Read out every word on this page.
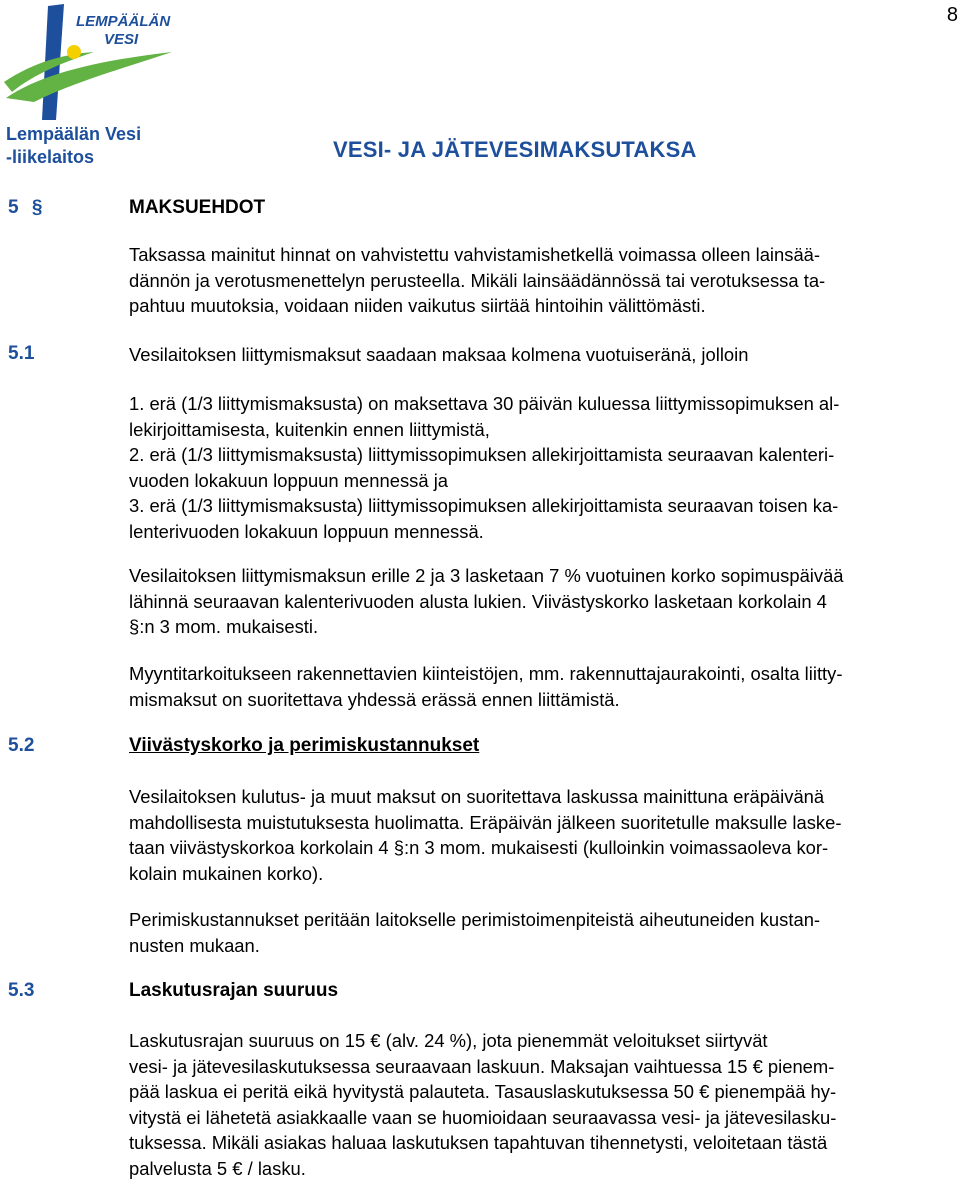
LEMPÄÄLÄN
VESI
8
Lempäälän Vesi
-liikelaitos	VESI- JA JÄTEVESIMAKSUTAKSA
5 §	MAKSUEHDOT
Taksassa mainitut hinnat on vahvistettu vahvistamishetkellä voimassa olleen lainsää-
dännön ja verotusmenettelyn perusteella. Mikäli lainsäädännössä tai verotuksessa ta-
pahtuu muutoksia, voidaan niiden vaikutus siirtää hintoihin välittömästi.
5.1	Vesilaitoksen liittymismaksut saadaan maksaa kolmena vuotuiseränä, jolloin
1. erä (1/3 liittymismaksusta) on maksettava 30 päivän kuluessa liittymissopimuksen al-
lekirjoittamisesta, kuitenkin ennen liittymistä,
2. erä (1/3 liittymismaksusta) liittymissopimuksen allekirjoittamista seuraavan kalenteri-
vuoden lokakuun loppuun mennessä ja
3. erä (1/3 liittymismaksusta) liittymissopimuksen allekirjoittamista seuraavan toisen ka-
lenterivuoden lokakuun loppuun mennessä.
Vesilaitoksen liittymismaksun erille 2 ja 3 lasketaan 7 % vuotuinen korko sopimuspäivää
lähinnä seuraavan kalenterivuoden alusta lukien. Viivästyskorko lasketaan korkolain 4
§:n 3 mom. mukaisesti.
Myyntitarkoitukseen rakennettavien kiinteistöjen, mm. rakennuttajaurakointi, osalta liitty-
mismaksut on suoritettava yhdessä erässä ennen liittämistä.
5.2	Viivästyskorko ja perimiskustannukset
Vesilaitoksen kulutus- ja muut maksut on suoritettava laskussa mainittuna eräpäivänä
mahdollisesta muistutuksesta huolimatta. Eräpäivän jälkeen suoritetulle maksulle laske-
taan viivästyskorkoa korkolain 4 §:n 3 mom. mukaisesti (kulloinkin voimassaoleva kor-
kolain mukainen korko).
Perimiskustannukset peritään laitokselle perimistoimenpiteistä aiheutuneiden kustan-
nusten mukaan.
5.3	Laskutusrajan suuruus
Laskutusrajan suuruus on 15 € (alv. 24 %), jota pienemmät veloitukset siirtyvät
vesi- ja jätevesilaskutuksessa seuraavaan laskuun. Maksajan vaihtuessa 15 € pienem-
pää laskua ei peritä eikä hyvitystä palauteta. Tasauslaskutuksessa 50 € pienempää hy-
vitystä ei lähetetä asiakkaalle vaan se huomioidaan seuraavassa vesi- ja jätevesilasku-
tuksessa. Mikäli asiakas haluaa laskutuksen tapahtuvan tihennetysti, veloitetaan tästä
palvelusta 5 € / lasku.
